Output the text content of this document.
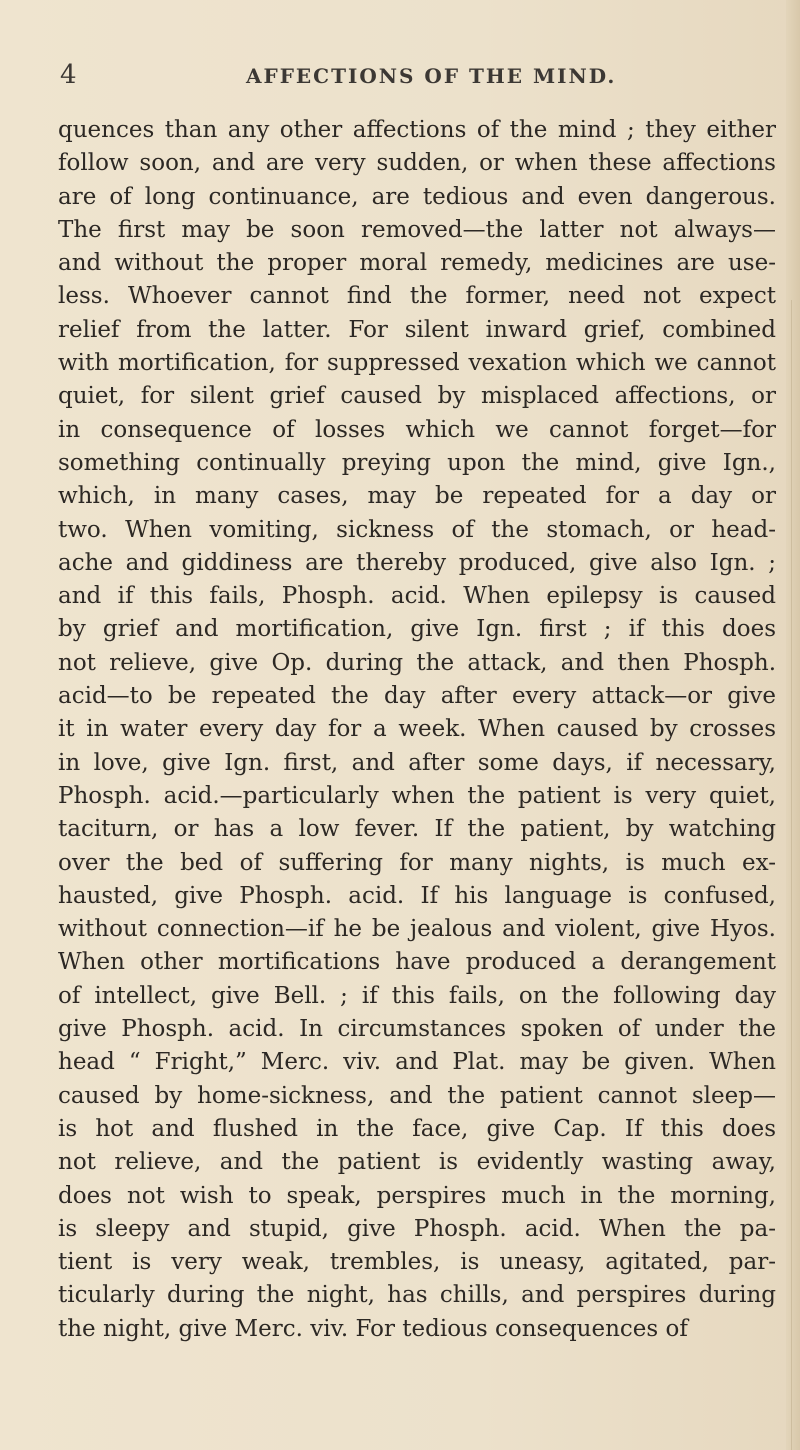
4	AFFECTIONS OF THE MIND.
quences than any other affections of the mind ; they either
follow soon, and are very sudden, or when these affections
are of long continuance, are tedious and even dangerous.
The first may be soon removed—the latter not always—
and without the proper moral remedy, medicines are use-
less. Whoever cannot find the former, need not expect
relief from the latter. For silent inward grief, combined
with mortification, for suppressed vexation which we cannot
quiet, for silent grief caused by misplaced affections, or
in consequence of losses which we cannot forget—for
something continually preying upon the mind, give Ign.,
which, in many cases, may be repeated for a day or
two. When vomiting, sickness of the stomach, or head-
ache and giddiness are thereby produced, give also Ign. ;
and if this fails, Phosph. acid. When epilepsy is caused
by grief and mortification, give Ign. first ; if this does
not relieve, give Op. during the attack, and then Phosph.
acid—to be repeated the day after every attack—or give
it in water every day for a week. When caused by crosses
in love, give Ign. first, and after some days, if necessary,
Phosph. acid.—particularly when the patient is very quiet,
taciturn, or has a low fever. If the patient, by watching
over the bed of suffering for many nights, is much ex-
hausted, give Phosph. acid. If his language is confused,
without connection—if he be jealous and violent, give Hyos.
When other mortifications have produced a derangement
of intellect, give Bell. ; if this fails, on the following day
give Phosph. acid. In circumstances spoken of under the
head “ Fright,” Merc. viv. and Plat. may be given. When
caused by home-sickness, and the patient cannot sleep—
is hot and flushed in the face, give Cap. If this does
not relieve, and the patient is evidently wasting away,
does not wish to speak, perspires much in the morning,
is sleepy and stupid, give Phosph. acid. When the pa-
tient is very weak, trembles, is uneasy, agitated, par-
ticularly during the night, has chills, and perspires during
the night, give Merc. viv. For tedious consequences of
